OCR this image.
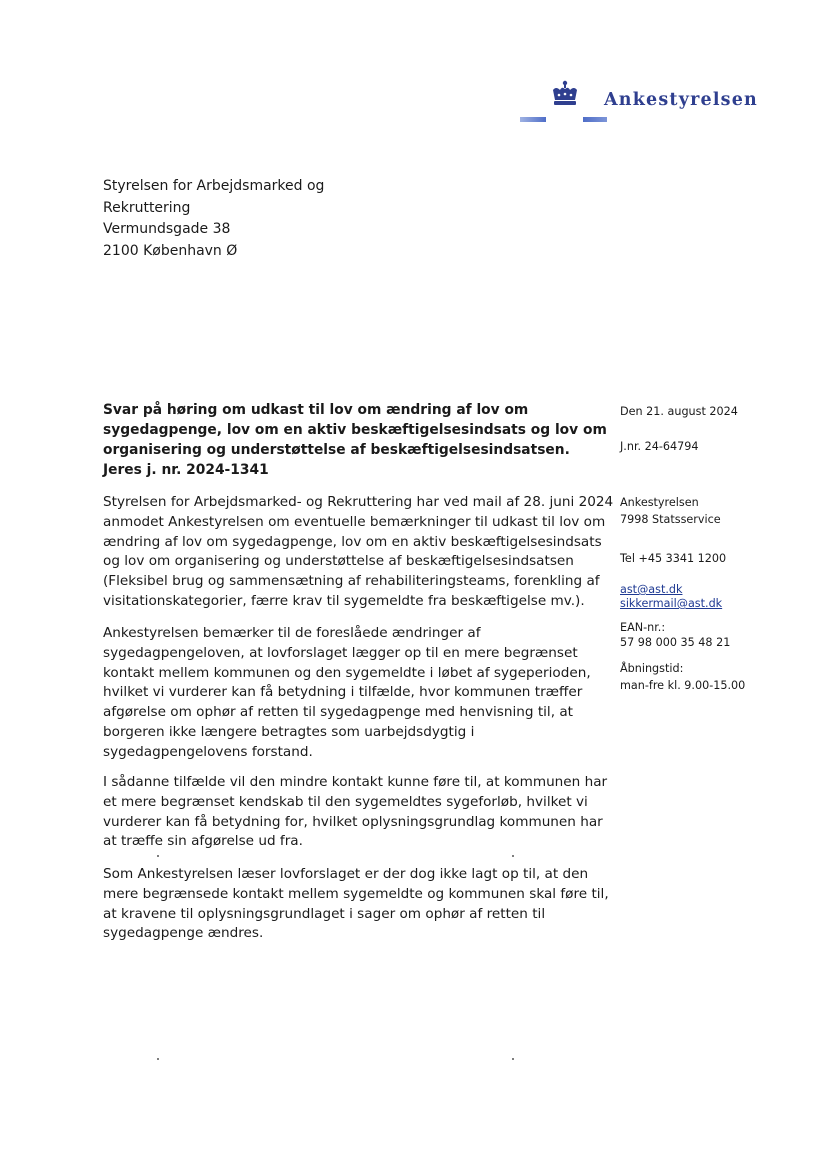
Ankestyrelsen
Styrelsen for Arbejdsmarked og
Rekruttering
Vermundsgade 38
2100 København Ø
Svar på høring om udkast til lov om ændring af lov om
sygedagpenge, lov om en aktiv beskæftigelsesindsats og lov om
organisering og understøttelse af beskæftigelsesindsatsen.
Jeres j. nr. 2024-1341
Styrelsen for Arbejdsmarked- og Rekruttering har ved mail af 28. juni 2024
anmodet Ankestyrelsen om eventuelle bemærkninger til udkast til lov om
ændring af lov om sygedagpenge, lov om en aktiv beskæftigelsesindsats
og lov om organisering og understøttelse af beskæftigelsesindsatsen
(Fleksibel brug og sammensætning af rehabiliteringsteams, forenkling af
visitationskategorier, færre krav til sygemeldte fra beskæftigelse mv.).
Ankestyrelsen bemærker til de foreslåede ændringer af
sygedagpengeloven, at lovforslaget lægger op til en mere begrænset
kontakt mellem kommunen og den sygemeldte i løbet af sygeperioden,
hvilket vi vurderer kan få betydning i tilfælde, hvor kommunen træffer
afgørelse om ophør af retten til sygedagpenge med henvisning til, at
borgeren ikke længere betragtes som uarbejdsdygtig i
sygedagpengelovens forstand.
I sådanne tilfælde vil den mindre kontakt kunne føre til, at kommunen har
et mere begrænset kendskab til den sygemeldtes sygeforløb, hvilket vi
vurderer kan få betydning for, hvilket oplysningsgrundlag kommunen har
at træffe sin afgørelse ud fra.
Som Ankestyrelsen læser lovforslaget er der dog ikke lagt op til, at den
mere begrænsede kontakt mellem sygemeldte og kommunen skal føre til,
at kravene til oplysningsgrundlaget i sager om ophør af retten til
sygedagpenge ændres.
Den 21. august 2024
J.nr. 24-64794
Ankestyrelsen
7998 Statsservice
Tel +45 3341 1200
ast@ast.dk
sikkermail@ast.dk
EAN-nr.:
57 98 000 35 48 21
Åbningstid:
man-fre kl. 9.00-15.00
